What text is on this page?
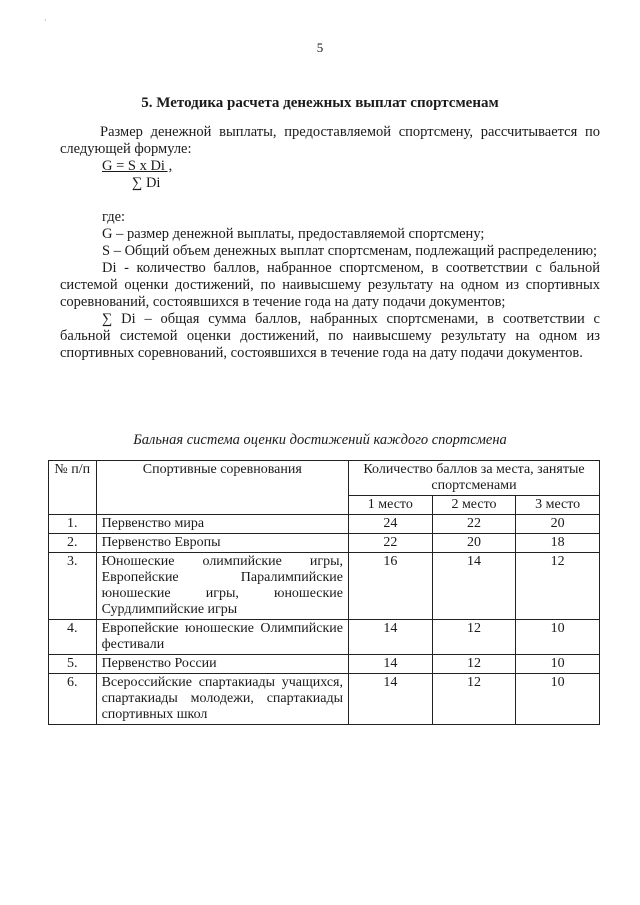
·
5
5. Методика расчета денежных выплат спортсменам
Размер денежной выплаты, предоставляемой спортсмену, рассчитывается по следующей формуле:
$\frac{\text{G = S x Di ,}}{\sum Di}$

где:

G – размер денежной выплаты, предоставляемой спортсмену;

S – Общий объем денежных выплат спортсменам, подлежащий распределению;

Di - количество баллов, набранное спортсменом, в соответствии с бальной системой оценки достижений, по наивысшему результату на одном из спортивных соревнований, состоявшихся в течение года на дату подачи документов;

∑ Di – общая сумма баллов, набранных спортсменами, в соответствии с бальной системой оценки достижений, по наивысшему результату на одном из спортивных соревнований, состоявшихся в течение года на дату подачи документов.

Бальная система оценки достижений каждого спортсмена
№ п/п	Спортивные соревнования	Количество баллов за места, занятые спортсменами		
		1 место	2 место	3 место
1.	Первенство мира	24	22	20
2.	Первенство Европы	22	20	18
3.	Юношеские олимпийские игры, Европейские Паралимпийские юношеские игры, юношеские Сурдлимпийские игры	16	14	12
4.	Европейские юношеские Олимпийские фестивали	14	12	10
5.	Первенство России	14	12	10
6.	Всероссийские спартакиады учащихся, спартакиады молодежи, спартакиады спортивных школ	14	12	10
